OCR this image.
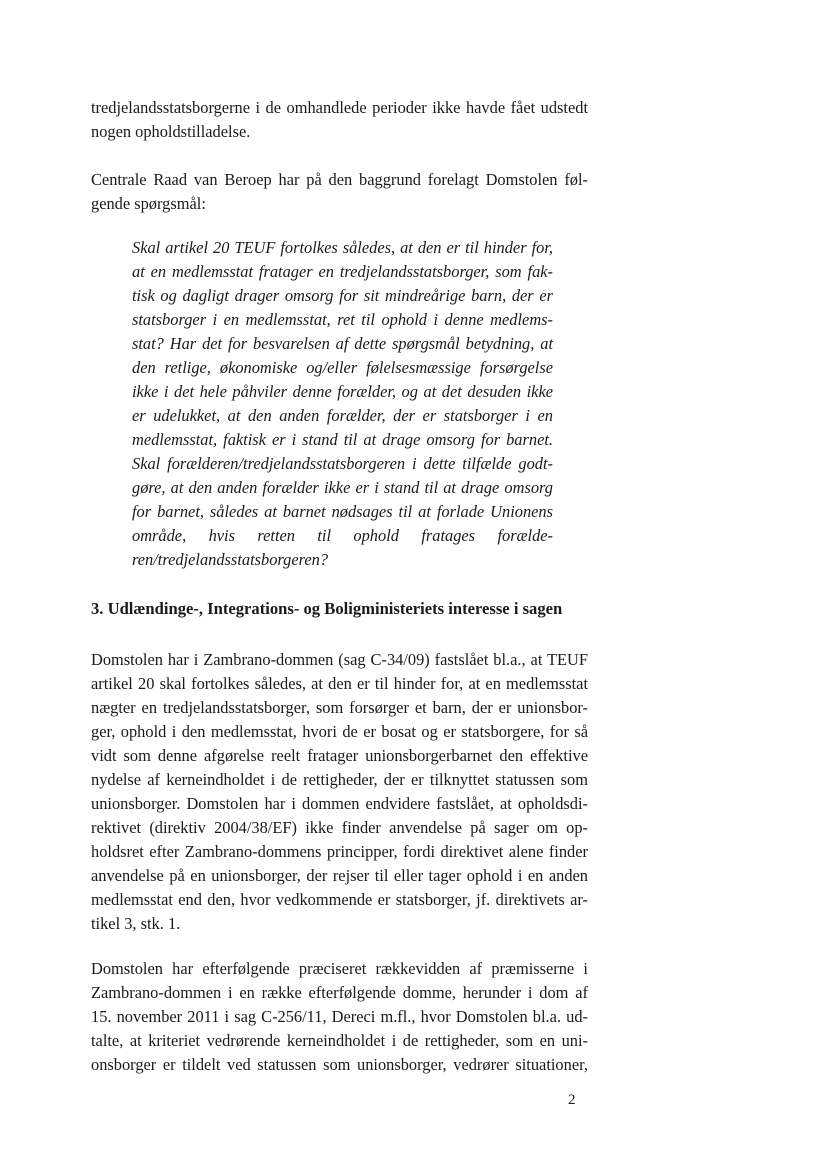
tredjelandsstatsborgerne i de omhandlede perioder ikke havde fået udstedt
nogen opholdstilladelse.
Centrale Raad van Beroep har på den baggrund forelagt Domstolen føl-
gende spørgsmål:
Skal artikel 20 TEUF fortolkes således, at den er til hinder for,
at en medlemsstat fratager en tredjelandsstatsborger, som fak-
tisk og dagligt drager omsorg for sit mindreårige barn, der er
statsborger i en medlemsstat, ret til ophold i denne medlems-
stat? Har det for besvarelsen af dette spørgsmål betydning, at
den retlige, økonomiske og/eller følelsesmæssige forsørgelse
ikke i det hele påhviler denne forælder, og at det desuden ikke
er udelukket, at den anden forælder, der er statsborger i en
medlemsstat, faktisk er i stand til at drage omsorg for barnet.
Skal forælderen/tredjelandsstatsborgeren i dette tilfælde godt-
gøre, at den anden forælder ikke er i stand til at drage omsorg
for barnet, således at barnet nødsages til at forlade Unionens
område, hvis retten til ophold fratages forælde-
ren/tredjelandsstatsborgeren?
3. Udlændinge-, Integrations- og Boligministeriets interesse i sagen
Domstolen har i Zambrano-dommen (sag C-34/09) fastslået bl.a., at TEUF
artikel 20 skal fortolkes således, at den er til hinder for, at en medlemsstat
nægter en tredjelandsstatsborger, som forsørger et barn, der er unionsbor-
ger, ophold i den medlemsstat, hvori de er bosat og er statsborgere, for så
vidt som denne afgørelse reelt fratager unionsborgerbarnet den effektive
nydelse af kerneindholdet i de rettigheder, der er tilknyttet statussen som
unionsborger. Domstolen har i dommen endvidere fastslået, at opholdsdi-
rektivet (direktiv 2004/38/EF) ikke finder anvendelse på sager om op-
holdsret efter Zambrano-dommens principper, fordi direktivet alene finder
anvendelse på en unionsborger, der rejser til eller tager ophold i en anden
medlemsstat end den, hvor vedkommende er statsborger, jf. direktivets ar-
tikel 3, stk. 1.
Domstolen har efterfølgende præciseret rækkevidden af præmisserne i
Zambrano-dommen i en række efterfølgende domme, herunder i dom af
15. november 2011 i sag C-256/11, Dereci m.fl., hvor Domstolen bl.a. ud-
talte, at kriteriet vedrørende kerneindholdet i de rettigheder, som en uni-
onsborger er tildelt ved statussen som unionsborger, vedrører situationer,
2
